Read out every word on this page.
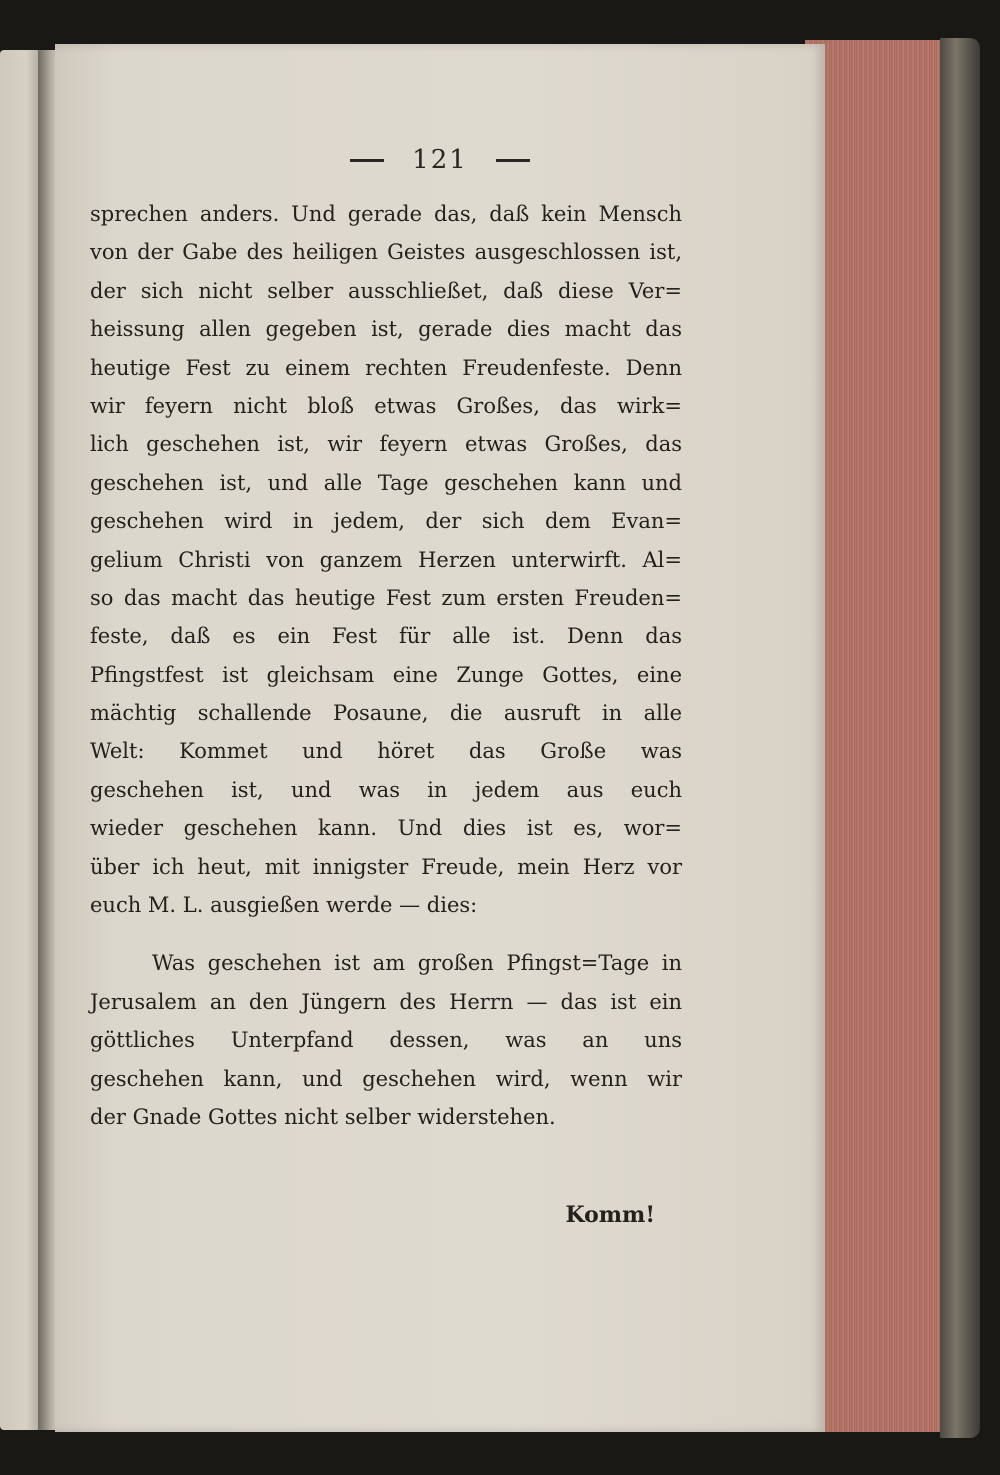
121
sprechen anders. Und gerade das, daß kein Mensch
von der Gabe des heiligen Geistes ausgeschlossen ist,
der sich nicht selber ausschließet, daß diese Ver=
heissung allen gegeben ist, gerade dies macht das
heutige Fest zu einem rechten Freudenfeste. Denn
wir feyern nicht bloß etwas Großes, das wirk=
lich geschehen ist, wir feyern etwas Großes, das
geschehen ist, und alle Tage geschehen kann und
geschehen wird in jedem, der sich dem Evan=
gelium Christi von ganzem Herzen unterwirft. Al=
so das macht das heutige Fest zum ersten Freuden=
feste, daß es ein Fest für alle ist. Denn das
Pfingstfest ist gleichsam eine Zunge Gottes, eine
mächtig schallende Posaune, die ausruft in alle
Welt: Kommet und höret das Große was
geschehen ist, und was in jedem aus euch
wieder geschehen kann. Und dies ist es, wor=
über ich heut, mit innigster Freude, mein Herz vor
euch M. L. ausgießen werde — dies:
Was geschehen ist am großen Pfingst=Tage in
Jerusalem an den Jüngern des Herrn — das ist ein
göttliches Unterpfand dessen, was an uns
geschehen kann, und geschehen wird, wenn wir
der Gnade Gottes nicht selber widerstehen.
Komm!
